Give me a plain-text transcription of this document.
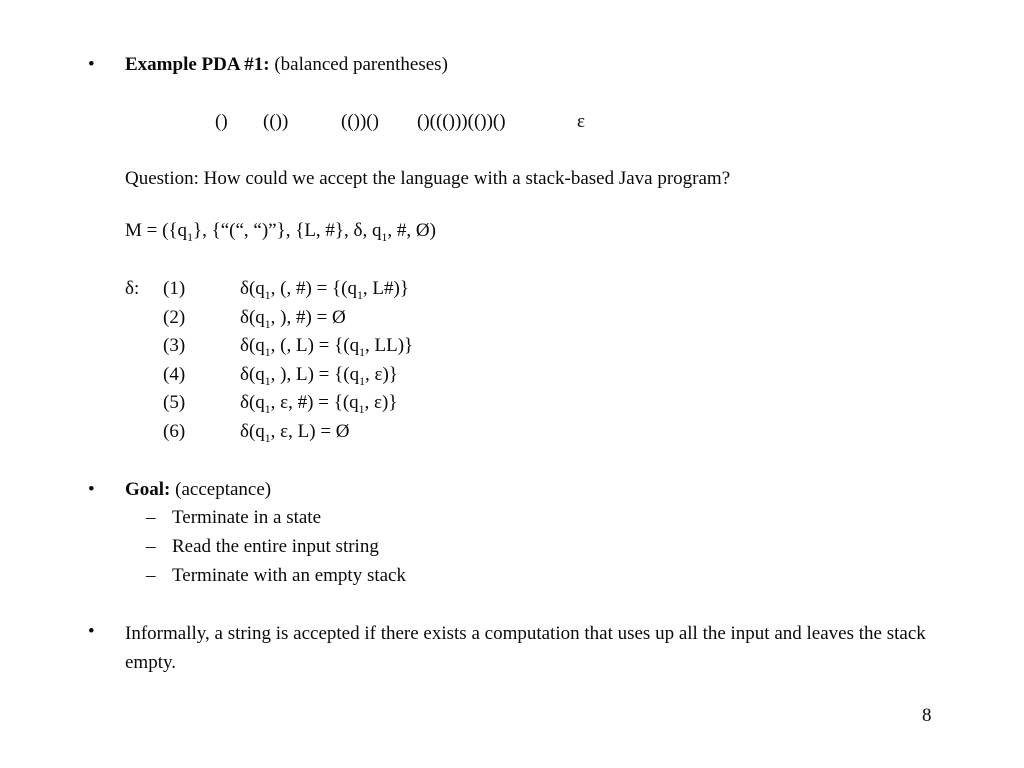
• Example PDA #1: (balanced parentheses)
() (())	(())() ()((()))(())()	ε
Question: How could we accept the language with a stack-based Java program?
$M = (\{q_1\}$, {“(“, “)”}, {L, #}, δ, $q_1$, #, Ø)
δ: (1)	$\delta(q_1$, (, #) = {($q_1$, L#)}
(2)	$\delta(q_1$, ), #) = Ø
(3)	$\delta(q_1$, (, $L) = \{(q_1$, LL)}
(4)	$\delta(q_1$, ), $L) = \{(q_1$, ε)}
(5)	$\delta(q_1$, ε, #) = {($q_1$, ε)}
(6)	$\delta(q_1$, ε, L) = Ø
• Goal: (acceptance)
– Terminate in a state
– Read the entire input string
– Terminate with an empty stack
• Informally, a string is accepted if there exists a computation that uses up all the input and leaves the stack empty.
8
